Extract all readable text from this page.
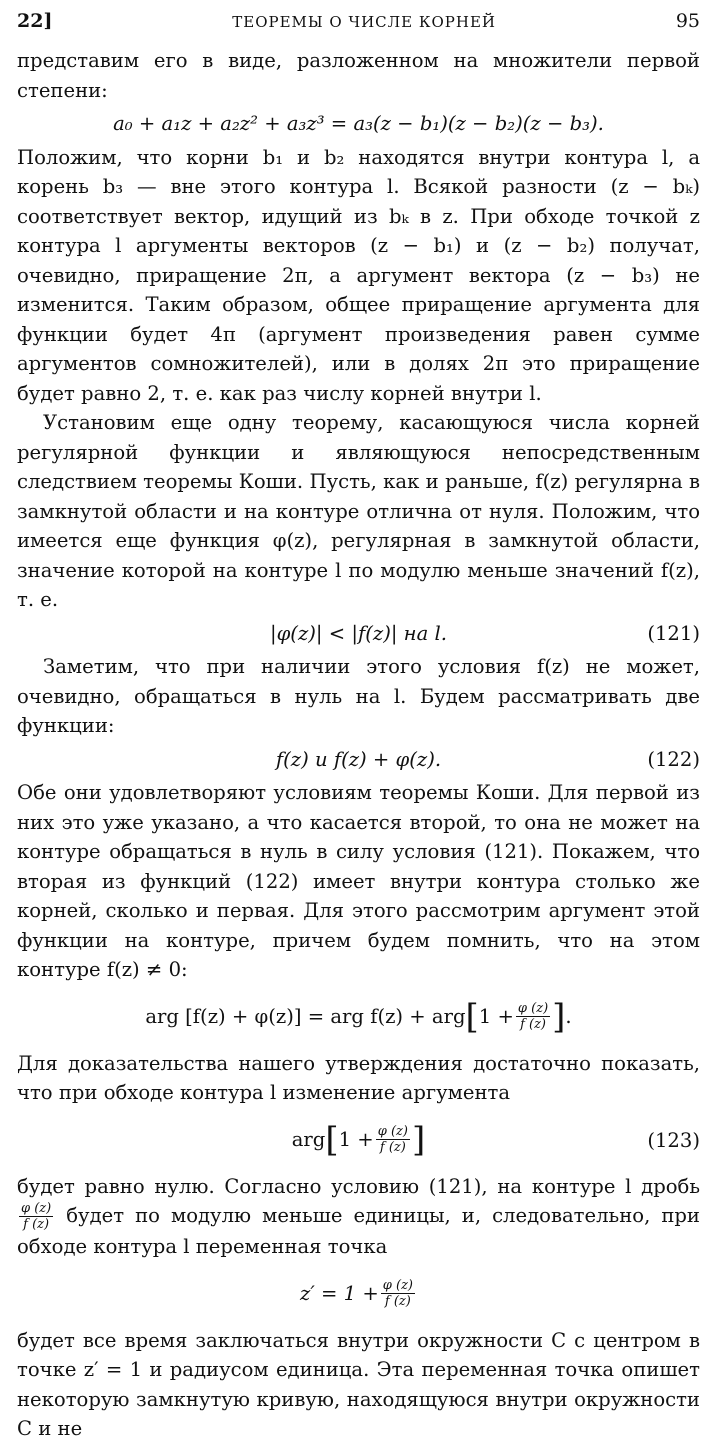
22]	ТЕОРЕМЫ О ЧИСЛЕ КОРНЕЙ	95

представим его в виде, разложенном на множители первой степени:

a₀ + a₁z + a₂z² + a₃z³ = a₃(z − b₁)(z − b₂)(z − b₃).

Положим, что корни b₁ и b₂ находятся внутри контура l, а корень b₃ — вне этого контура l. Всякой разности (z − bₖ) соответствует вектор, идущий из bₖ в z. При обходе точкой z контура l аргументы векторов (z − b₁) и (z − b₂) получат, очевидно, приращение 2π, а аргумент вектора (z − b₃) не изменится. Таким образом, общее приращение аргумента для функции будет 4π (аргумент произведения равен сумме аргументов сомножителей), или в долях 2π это приращение будет равно 2, т. е. как раз числу корней внутри l.

Установим еще одну теорему, касающуюся числа корней регулярной функции и являющуюся непосредственным следствием теоремы Коши. Пусть, как и раньше, f(z) регулярна в замкнутой области и на контуре отлична от нуля. Положим, что имеется еще функция φ(z), регулярная в замкнутой области, значение которой на контуре l по модулю меньше значений f(z), т. е.

|φ(z)| < |f(z)| на l.	(121)

Заметим, что при наличии этого условия f(z) не может, очевидно, обращаться в нуль на l. Будем рассматривать две функции:

f(z) и f(z) + φ(z).	(122)

Обе они удовлетворяют условиям теоремы Коши. Для первой из них это уже указано, а что касается второй, то она не может на контуре обращаться в нуль в силу условия (121). Покажем, что вторая из функций (122) имеет внутри контура столько же корней, сколько и первая. Для этого рассмотрим аргумент этой функции на контуре, причем будем помнить, что на этом контуре f(z) ≠ 0:

arg [f(z) + φ(z)] = arg f(z) + arg [ $1 + \frac{\varphi (z)}{f (z)}$ ] .

Для доказательства нашего утверждения достаточно показать, что при обходе контура l изменение аргумента

arg [ $1 + \frac{\varphi (z)}{f (z)}$ ]	(123)

будет равно нулю. Согласно условию (121), на контуре l дробь
$\frac{\varphi (z)}{f (z)}$ будет по модулю меньше единицы, и, следовательно, при обходе контура l переменная точка

$z' = 1 + \frac{\varphi (z)}{f (z)}$

будет все время заключаться внутри окружности C с центром в точке z′ = 1 и радиусом единица. Эта переменная точка опишет некоторую замкнутую кривую, находящуюся внутри окружности C и не
